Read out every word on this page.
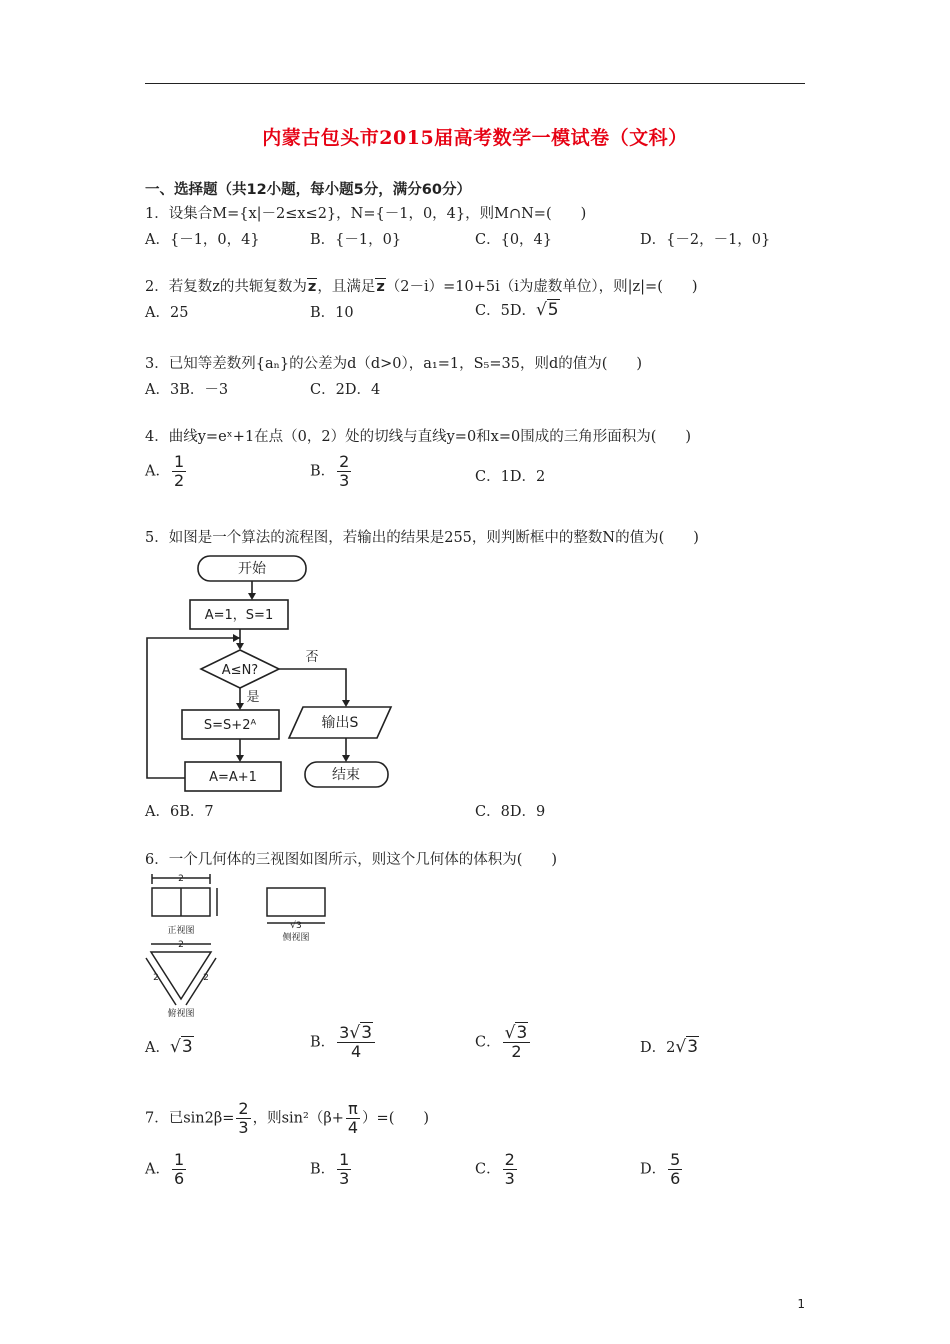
内蒙古包头市2015届高考数学一模试卷（文科）
一、选择题（共12小题，每小题5分，满分60分）
1．设集合M={x|－2≤x≤2}，N={－1，0，4}，则M∩N=(　　)
A．{－1，0，4}	B．{－1，0}	C．{0，4}	D．{－2，－1，0}
2．若复数z的共轭复数为z，且满足z（2－i）=10+5i（i为虚数单位），则|z|=(　　)
A．25	B．10	C．5D．√5
3．已知等差数列{aₙ}的公差为d（d>0），a₁=1，S₅=35，则d的值为(　　)
A．3B．－3	C．2D．4
4．曲线y=eˣ+1在点（0，2）处的切线与直线y=0和x=0围成的三角形面积为(　　)
A． $\frac{1}{2}$	B． $\frac{2}{3}$	C．1D．2
5．如图是一个算法的流程图，若输出的结果是255，则判断框中的整数N的值为(　　)
开始
A=1，S=1
A≤N?
否
是
S=S+2ᴬ
A=A+1
输出S
结束
A．6B．7	C．8D．9
6．一个几何体的三视图如图所示，则这个几何体的体积为(　　)
2
√3
2
2	2
正视图
侧视图
俯视图
A．√3	B． $\frac{3√3}{4}$	C． $\frac{√3}{2}$	D．2√3
7．已$\sin 2\beta= \frac{2}{3}$ ，则$\sin^2(\beta+ \frac{\pi}{4}$ ）=(　　)
A． $\frac{1}{6}$	B． $\frac{1}{3}$	C． $\frac{2}{3}$	D． $\frac{5}{6}$
1
